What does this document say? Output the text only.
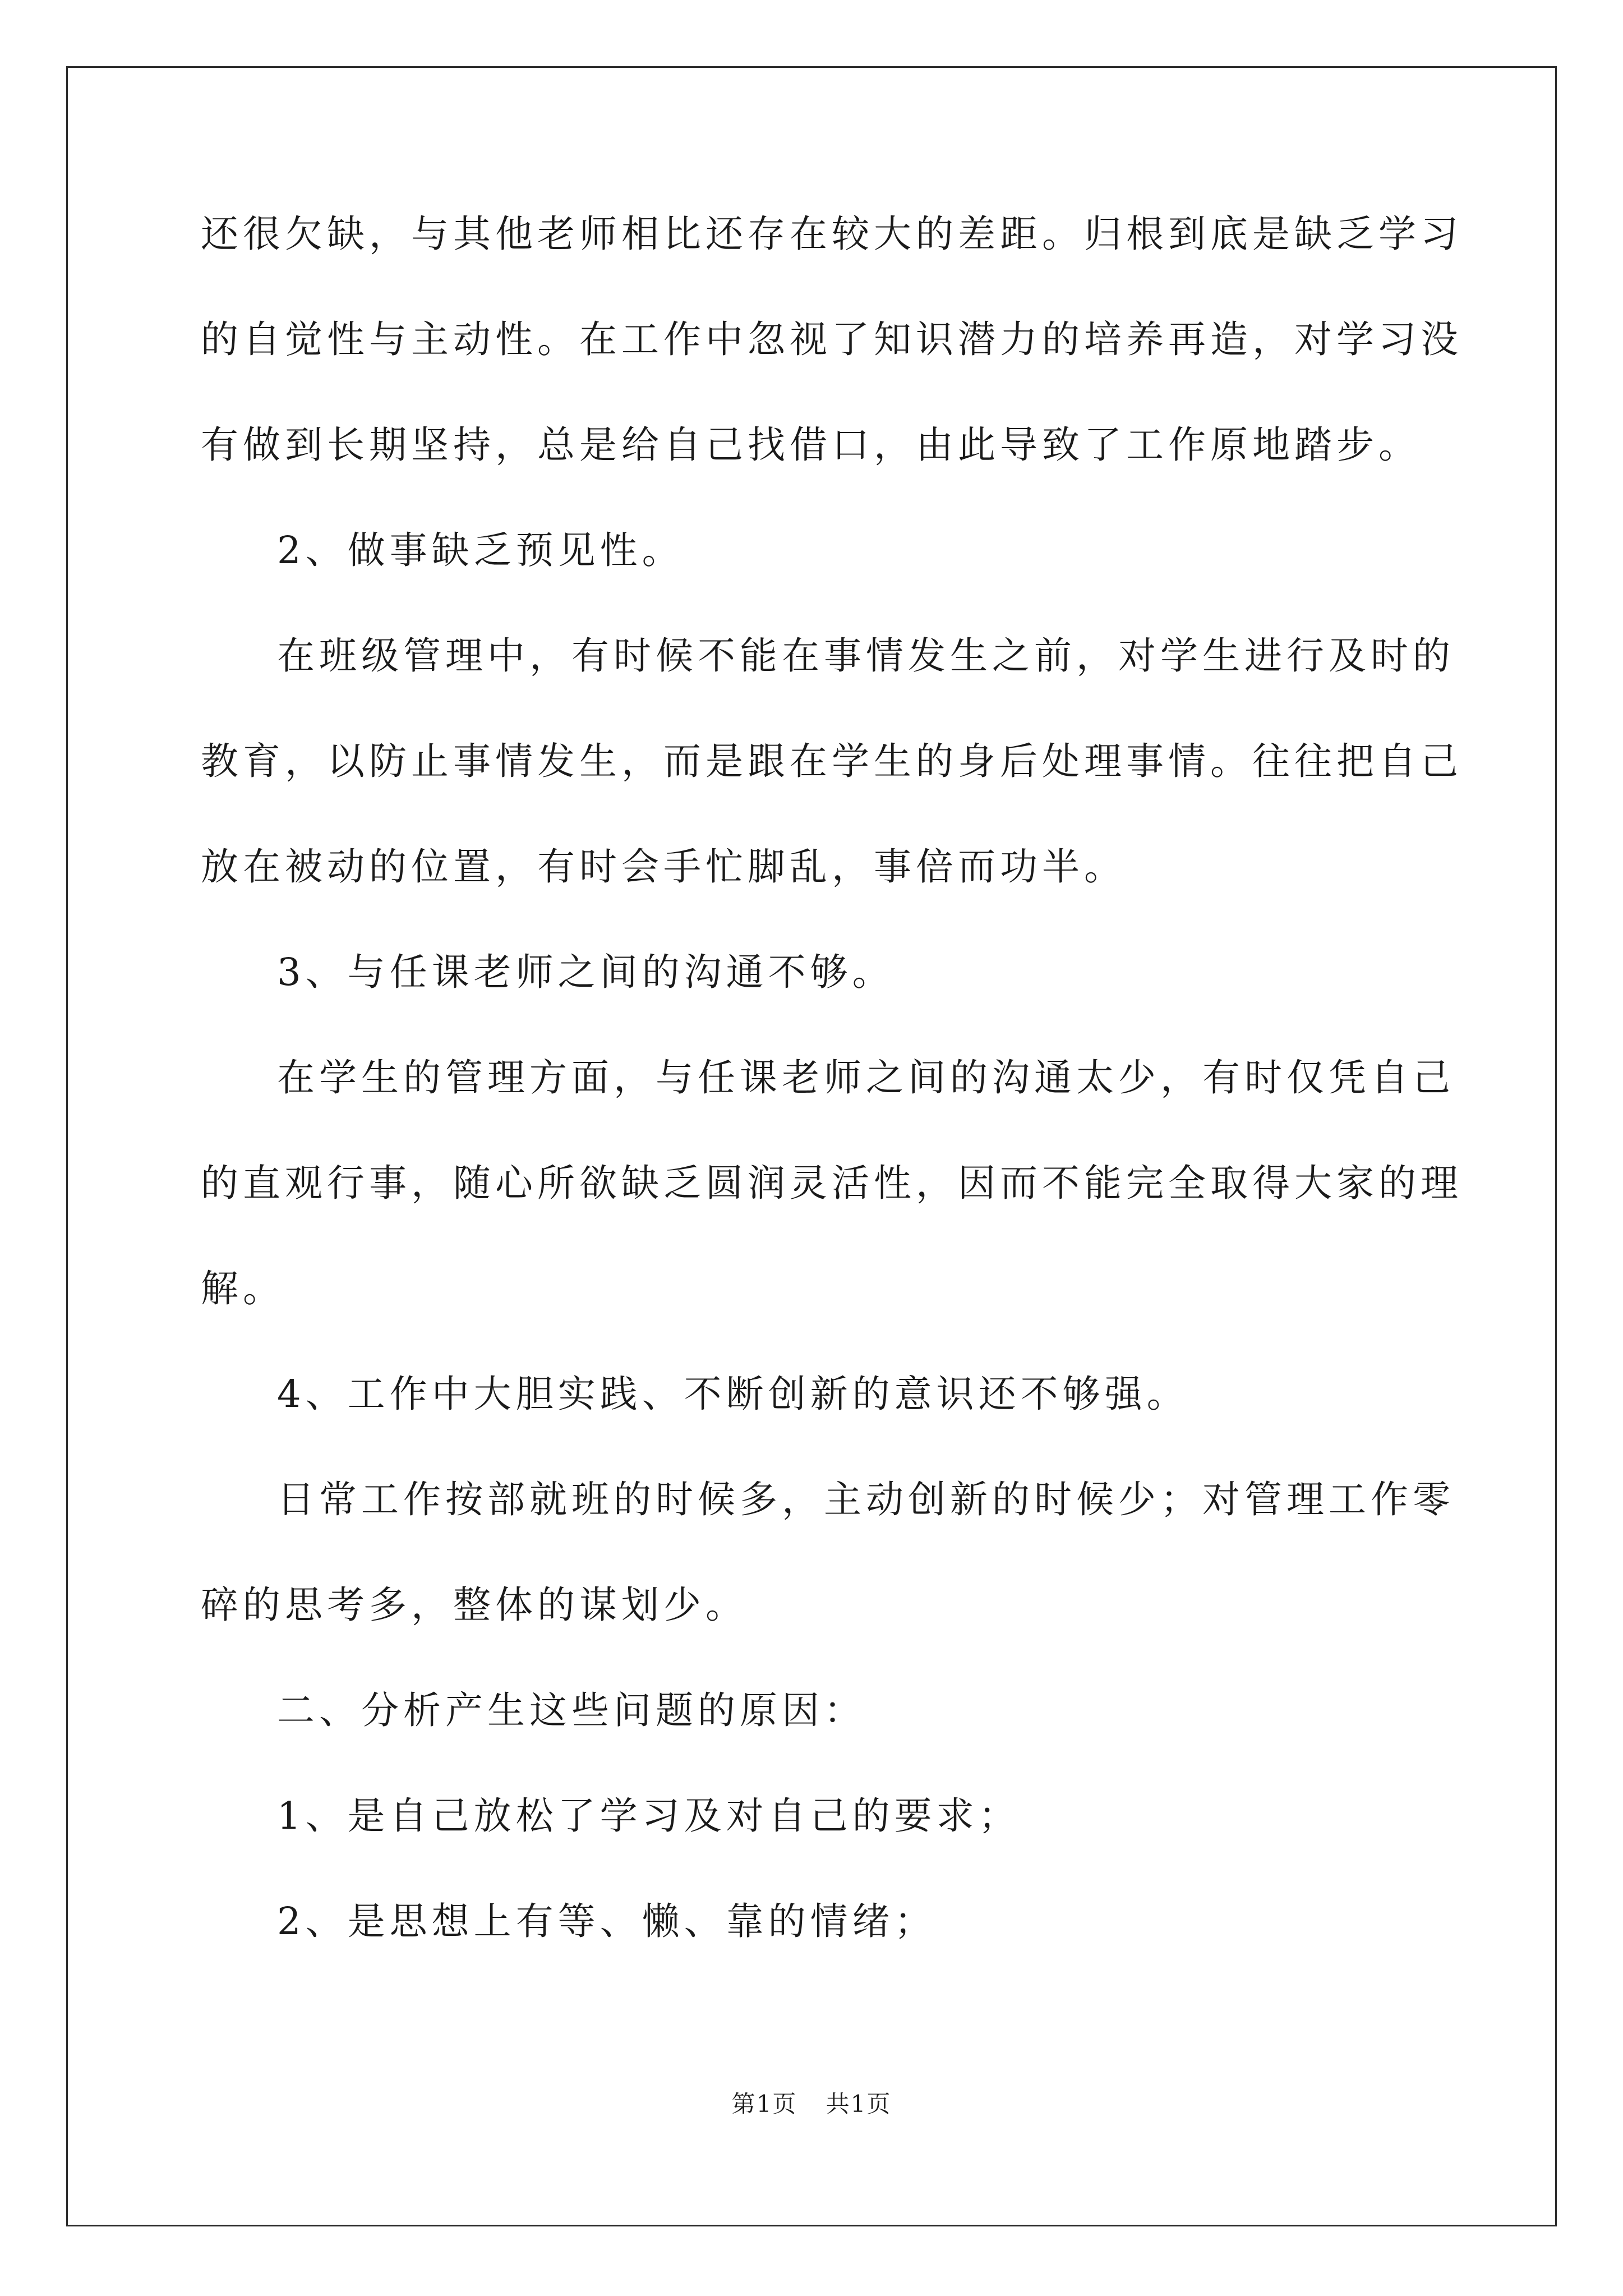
还很欠缺，与其他老师相比还存在较大的差距。归根到底是缺乏学习
的自觉性与主动性。在工作中忽视了知识潜力的培养再造，对学习没
有做到长期坚持，总是给自己找借口，由此导致了工作原地踏步。
2、做事缺乏预见性。
在班级管理中，有时候不能在事情发生之前，对学生进行及时的
教育，以防止事情发生，而是跟在学生的身后处理事情。往往把自己
放在被动的位置，有时会手忙脚乱，事倍而功半。
3、与任课老师之间的沟通不够。
在学生的管理方面，与任课老师之间的沟通太少，有时仅凭自己
的直观行事，随心所欲缺乏圆润灵活性，因而不能完全取得大家的理
解。
4、工作中大胆实践、不断创新的意识还不够强。
日常工作按部就班的时候多，主动创新的时候少；对管理工作零
碎的思考多，整体的谋划少。
二、分析产生这些问题的原因：
1、是自己放松了学习及对自己的要求；
2、是思想上有等、懒、靠的情绪；
第1页 共1页
